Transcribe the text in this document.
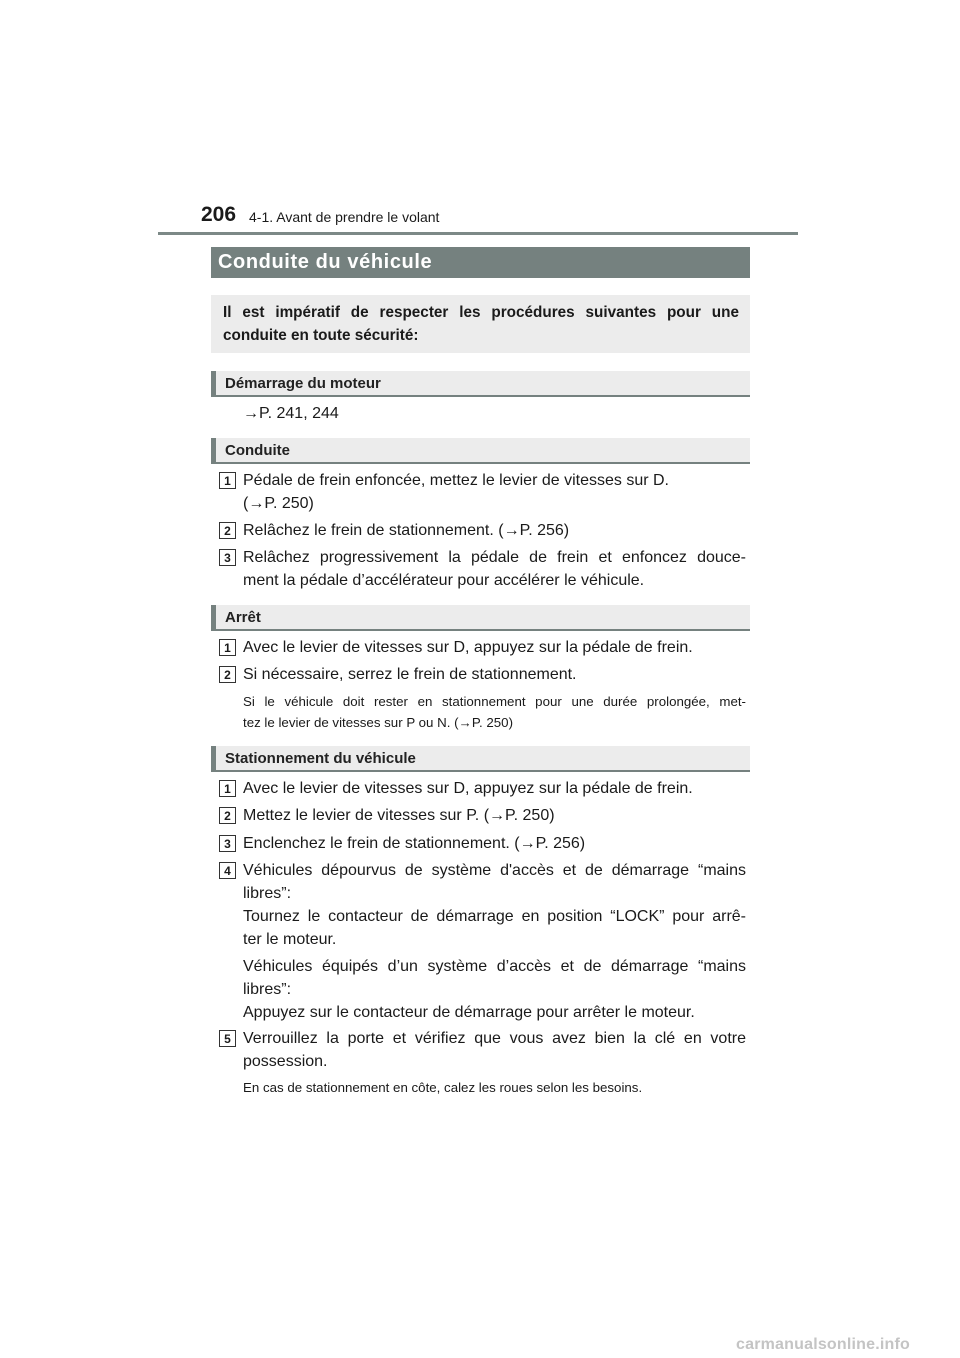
206 4-1. Avant de prendre le volant
Conduite du véhicule
Il est impératif de respecter les procédures suivantes pour une conduite en toute sécurité:
Démarrage du moteur
→P. 241, 244
Conduite
1 Pédale de frein enfoncée, mettez le levier de vitesses sur D.
(→P. 250)
2 Relâchez le frein de stationnement. (→P. 256)
3 Relâchez progressivement la pédale de frein et enfoncez douce-
ment la pédale d’accélérateur pour accélérer le véhicule.
Arrêt
1 Avec le levier de vitesses sur D, appuyez sur la pédale de frein.
2 Si nécessaire, serrez le frein de stationnement.
Si le véhicule doit rester en stationnement pour une durée prolongée, met-
tez le levier de vitesses sur P ou N. (→P. 250)
Stationnement du véhicule
1 Avec le levier de vitesses sur D, appuyez sur la pédale de frein.
2 Mettez le levier de vitesses sur P. (→P. 250)
3 Enclenchez le frein de stationnement. (→P. 256)
4 Véhicules dépourvus de système d'accès et de démarrage “mains
libres”:
Tournez le contacteur de démarrage en position “LOCK” pour arrê-
ter le moteur.
Véhicules équipés d’un système d’accès et de démarrage “mains
libres”:
Appuyez sur le contacteur de démarrage pour arrêter le moteur.
5 Verrouillez la porte et vérifiez que vous avez bien la clé en votre
possession.
En cas de stationnement en côte, calez les roues selon les besoins.
carmanualsonline.info
